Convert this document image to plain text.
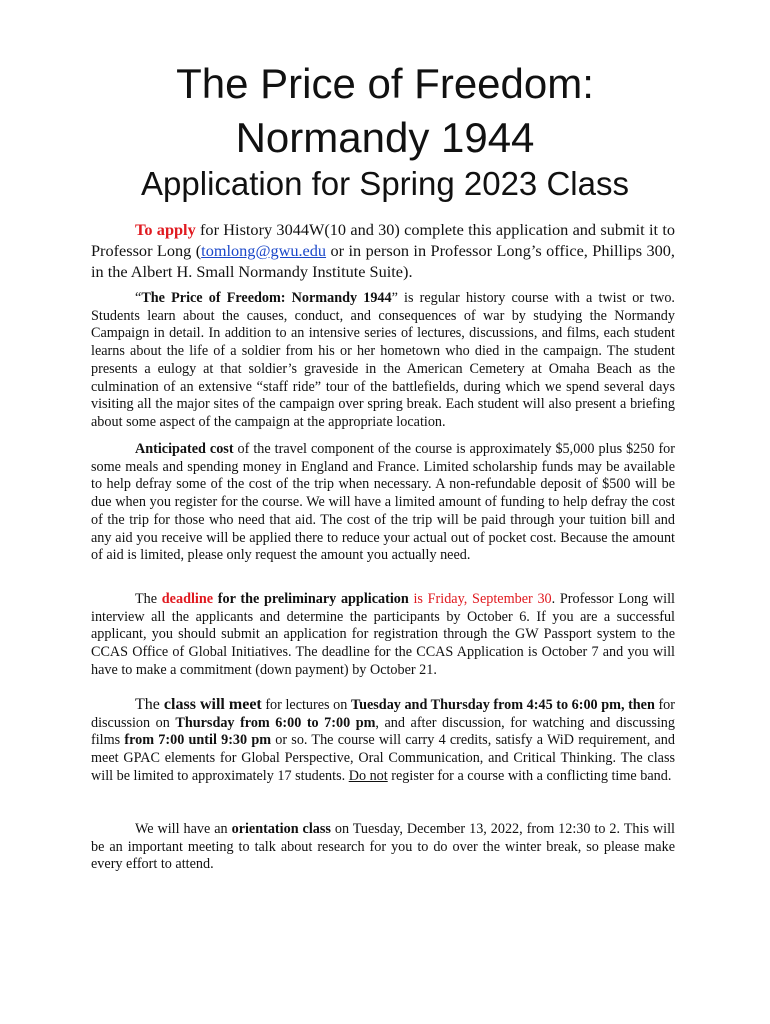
The Price of Freedom:
Normandy 1944
Application for Spring 2023 Class

To apply for History 3044W(10 and 30) complete this application and submit it to Professor Long (tomlong@gwu.edu or in person in Professor Long’s office, Phillips 300, in the Albert H. Small Normandy Institute Suite).

“The Price of Freedom: Normandy 1944” is regular history course with a twist or two. Students learn about the causes, conduct, and consequences of war by studying the Normandy Campaign in detail. In addition to an intensive series of lectures, discussions, and films, each student learns about the life of a soldier from his or her hometown who died in the campaign. The student presents a eulogy at that soldier’s graveside in the American Cemetery at Omaha Beach as the culmination of an extensive “staff ride” tour of the battlefields, during which we spend several days visiting all the major sites of the campaign over spring break. Each student will also present a briefing about some aspect of the campaign at the appropriate location.

Anticipated cost of the travel component of the course is approximately $5,000 plus $250 for some meals and spending money in England and France. Limited scholarship funds may be available to help defray some of the cost of the trip when necessary. A non-refundable deposit of $500 will be due when you register for the course. We will have a limited amount of funding to help defray the cost of the trip for those who need that aid. The cost of the trip will be paid through your tuition bill and any aid you receive will be applied there to reduce your actual out of pocket cost. Because the amount of aid is limited, please only request the amount you actually need.

The deadline for the preliminary application is Friday, September 30. Professor Long will interview all the applicants and determine the participants by October 6. If you are a successful applicant, you should submit an application for registration through the GW Passport system to the CCAS Office of Global Initiatives. The deadline for the CCAS Application is October 7 and you will have to make a commitment (down payment) by October 21.

The class will meet for lectures on Tuesday and Thursday from 4:45 to 6:00 pm, then for discussion on Thursday from 6:00 to 7:00 pm, and after discussion, for watching and discussing films from 7:00 until 9:30 pm or so. The course will carry 4 credits, satisfy a WiD requirement, and meet GPAC elements for Global Perspective, Oral Communication, and Critical Thinking. The class will be limited to approximately 17 students. Do not register for a course with a conflicting time band.

We will have an orientation class on Tuesday, December 13, 2022, from 12:30 to 2. This will be an important meeting to talk about research for you to do over the winter break, so please make every effort to attend.
